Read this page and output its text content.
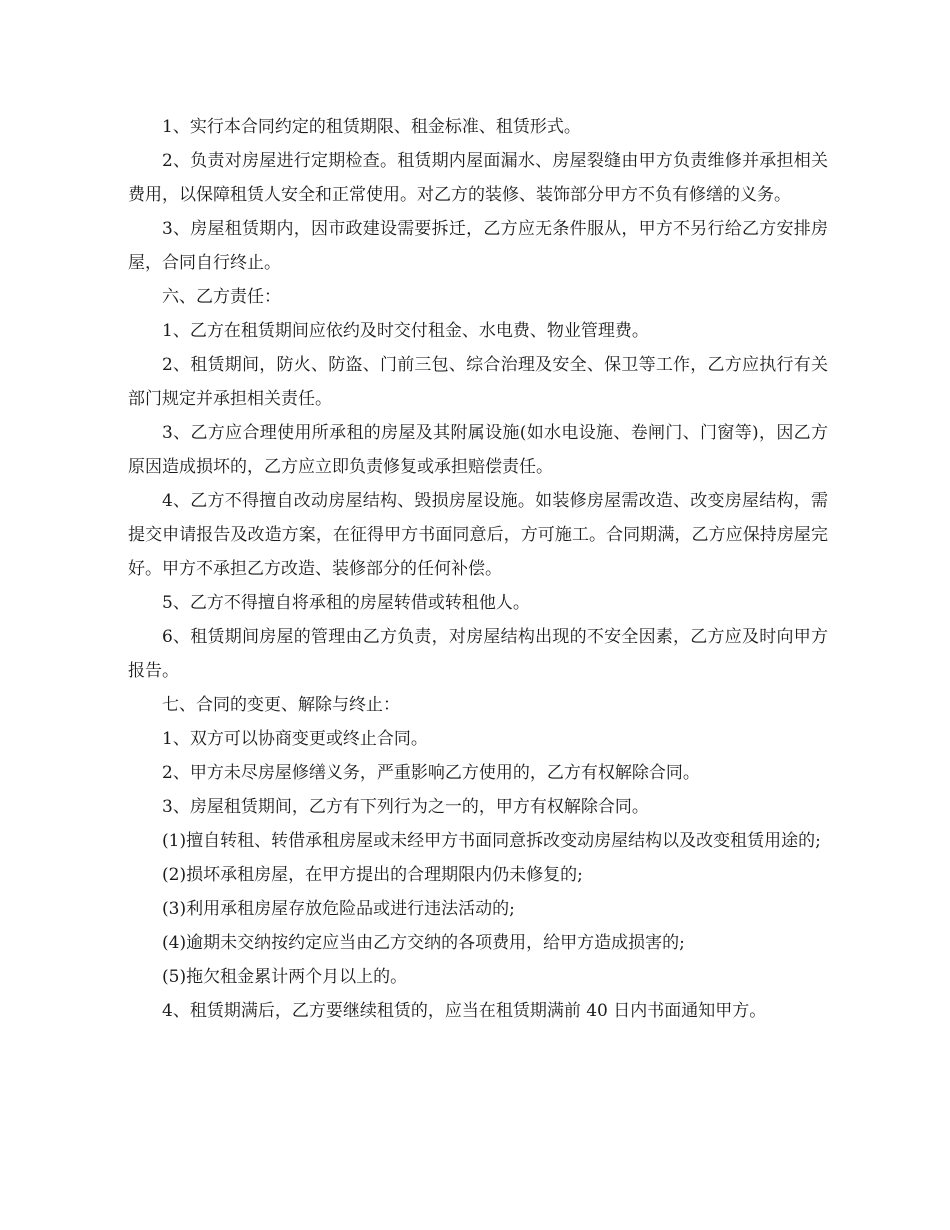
1、实行本合同约定的租赁期限、租金标准、租赁形式。

2、负责对房屋进行定期检查。租赁期内屋面漏水、房屋裂缝由甲方负责维修并承担相关费用，以保障租赁人安全和正常使用。对乙方的装修、装饰部分甲方不负有修缮的义务。

3、房屋租赁期内，因市政建设需要拆迁，乙方应无条件服从，甲方不另行给乙方安排房屋，合同自行终止。

六、乙方责任：

1、乙方在租赁期间应依约及时交付租金、水电费、物业管理费。

2、租赁期间，防火、防盗、门前三包、综合治理及安全、保卫等工作，乙方应执行有关部门规定并承担相关责任。

3、乙方应合理使用所承租的房屋及其附属设施(如水电设施、卷闸门、门窗等)，因乙方原因造成损坏的，乙方应立即负责修复或承担赔偿责任。

4、乙方不得擅自改动房屋结构、毁损房屋设施。如装修房屋需改造、改变房屋结构，需提交申请报告及改造方案，在征得甲方书面同意后，方可施工。合同期满，乙方应保持房屋完好。甲方不承担乙方改造、装修部分的任何补偿。

5、乙方不得擅自将承租的房屋转借或转租他人。

6、租赁期间房屋的管理由乙方负责，对房屋结构出现的不安全因素，乙方应及时向甲方报告。

七、合同的变更、解除与终止：

1、双方可以协商变更或终止合同。

2、甲方未尽房屋修缮义务，严重影响乙方使用的，乙方有权解除合同。

3、房屋租赁期间，乙方有下列行为之一的，甲方有权解除合同。

(1)擅自转租、转借承租房屋或未经甲方书面同意拆改变动房屋结构以及改变租赁用途的;

(2)损坏承租房屋，在甲方提出的合理期限内仍未修复的;

(3)利用承租房屋存放危险品或进行违法活动的;

(4)逾期未交纳按约定应当由乙方交纳的各项费用，给甲方造成损害的;

(5)拖欠租金累计两个月以上的。

4、租赁期满后，乙方要继续租赁的，应当在租赁期满前 40 日内书面通知甲方。
